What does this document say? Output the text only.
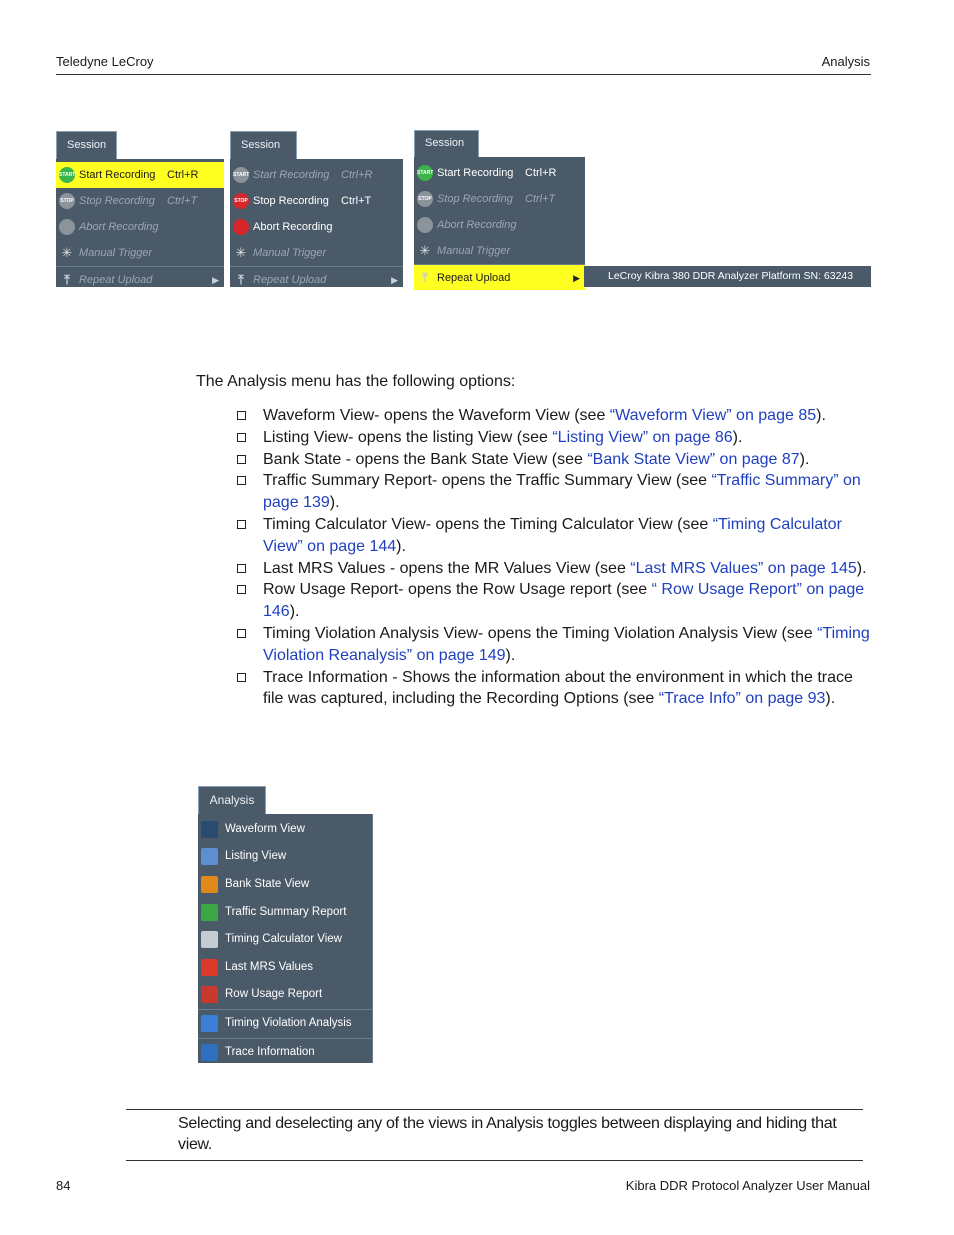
Teledyne LeCroy	Analysis
Session
START Start Recording Ctrl+R
STOP Stop Recording Ctrl+T
Abort Recording
✳ Manual Trigger
⤒ Repeat Upload	▶
Session
START Start Recording Ctrl+R
STOP Stop Recording Ctrl+T
Abort Recording
✳ Manual Trigger
⤒ Repeat Upload	▶
Session
START Start Recording Ctrl+R
STOP Stop Recording Ctrl+T
Abort Recording
✳ Manual Trigger
⤒ Repeat Upload	▶	LeCroy Kibra 380 DDR Analyzer Platform SN: 63243
The Analysis menu has the following options:
Waveform View- opens the Waveform View (see “Waveform View” on page 85).
Listing View- opens the listing View (see “Listing View” on page 86).
Bank State - opens the Bank State View (see “Bank State View” on page 87).
Traffic Summary Report- opens the Traffic Summary View (see “Traffic Summary” on page 139).
Timing Calculator View- opens the Timing Calculator View (see “Timing Calculator View” on page 144).
Last MRS Values - opens the MR Values View (see “Last MRS Values” on page 145).
Row Usage Report- opens the Row Usage report (see “ Row Usage Report” on page 146).
Timing Violation Analysis View- opens the Timing Violation Analysis View (see “Timing Violation Reanalysis” on page 149).
Trace Information - Shows the information about the environment in which the trace file was captured, including the Recording Options (see “Trace Info” on page 93).
Analysis
Waveform View
Listing View
Bank State View
Traffic Summary Report
Timing Calculator View
Last MRS Values
Row Usage Report
Timing Violation Analysis
Trace Information
Selecting and deselecting any of the views in Analysis toggles between displaying and hiding that view.
84	Kibra DDR Protocol Analyzer User Manual
